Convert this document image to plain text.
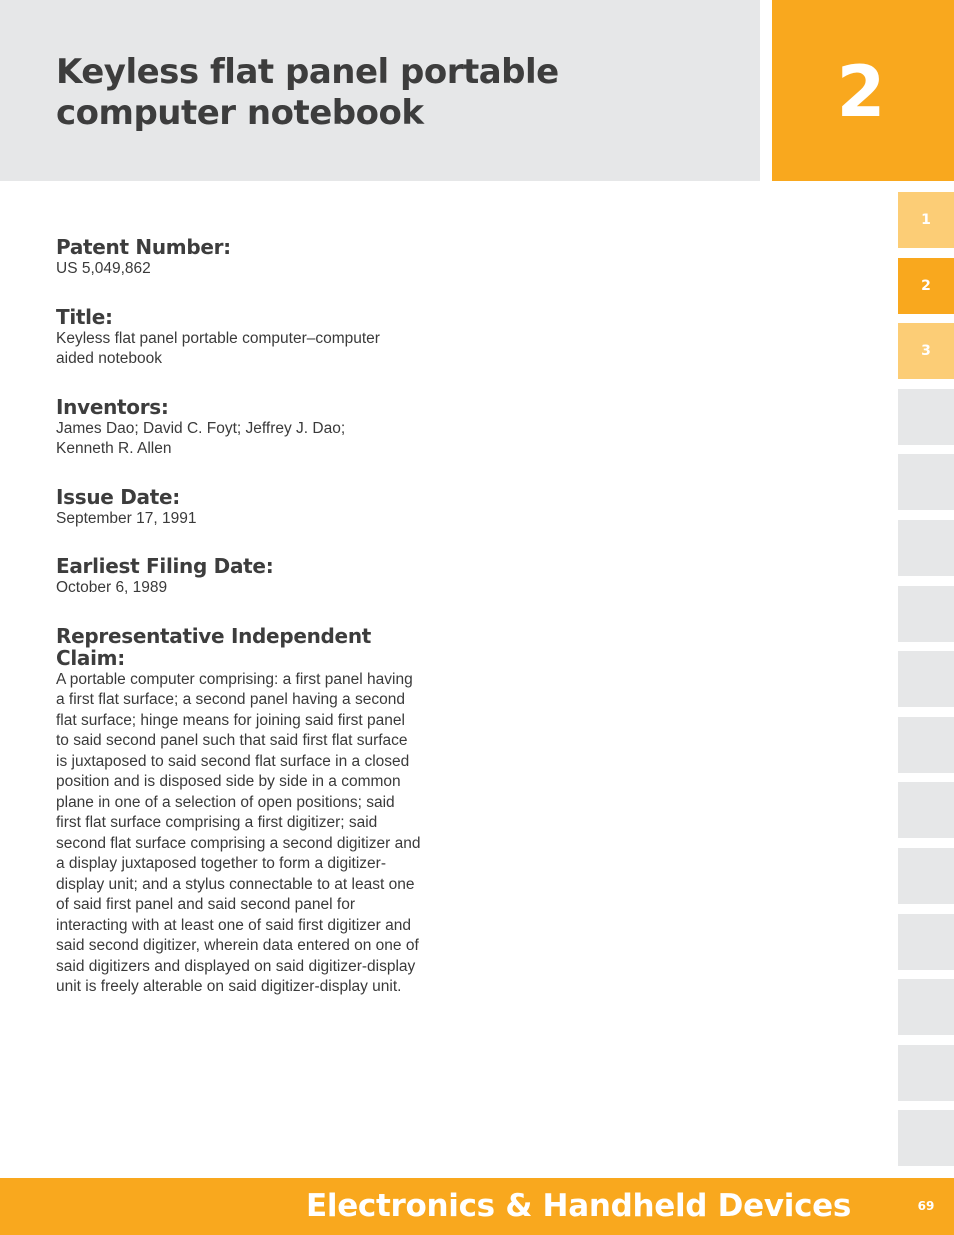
Keyless flat panel portable computer notebook	2
1
2
3
Patent Number:
US 5,049,862
Title:
Keyless flat panel portable computer–computer aided notebook
Inventors:
James Dao; David C. Foyt; Jeffrey J. Dao; Kenneth R. Allen
Issue Date:
September 17, 1991
Earliest Filing Date:
October 6, 1989
Representative Independent Claim:
A portable computer comprising: a first panel having a first flat surface; a second panel having a second flat surface; hinge means for joining said first panel to said second panel such that said first flat surface is juxtaposed to said second flat surface in a closed position and is disposed side by side in a common plane in one of a selection of open positions; said first flat surface comprising a first digitizer; said second flat surface comprising a second digitizer and a display juxtaposed together to form a digitizer-display unit; and a stylus connectable to at least one of said first panel and said second panel for interacting with at least one of said first digitizer and said second digitizer, wherein data entered on one of said digitizers and displayed on said digitizer-display unit is freely alterable on said digitizer-display unit.
Electronics & Handheld Devices	69
